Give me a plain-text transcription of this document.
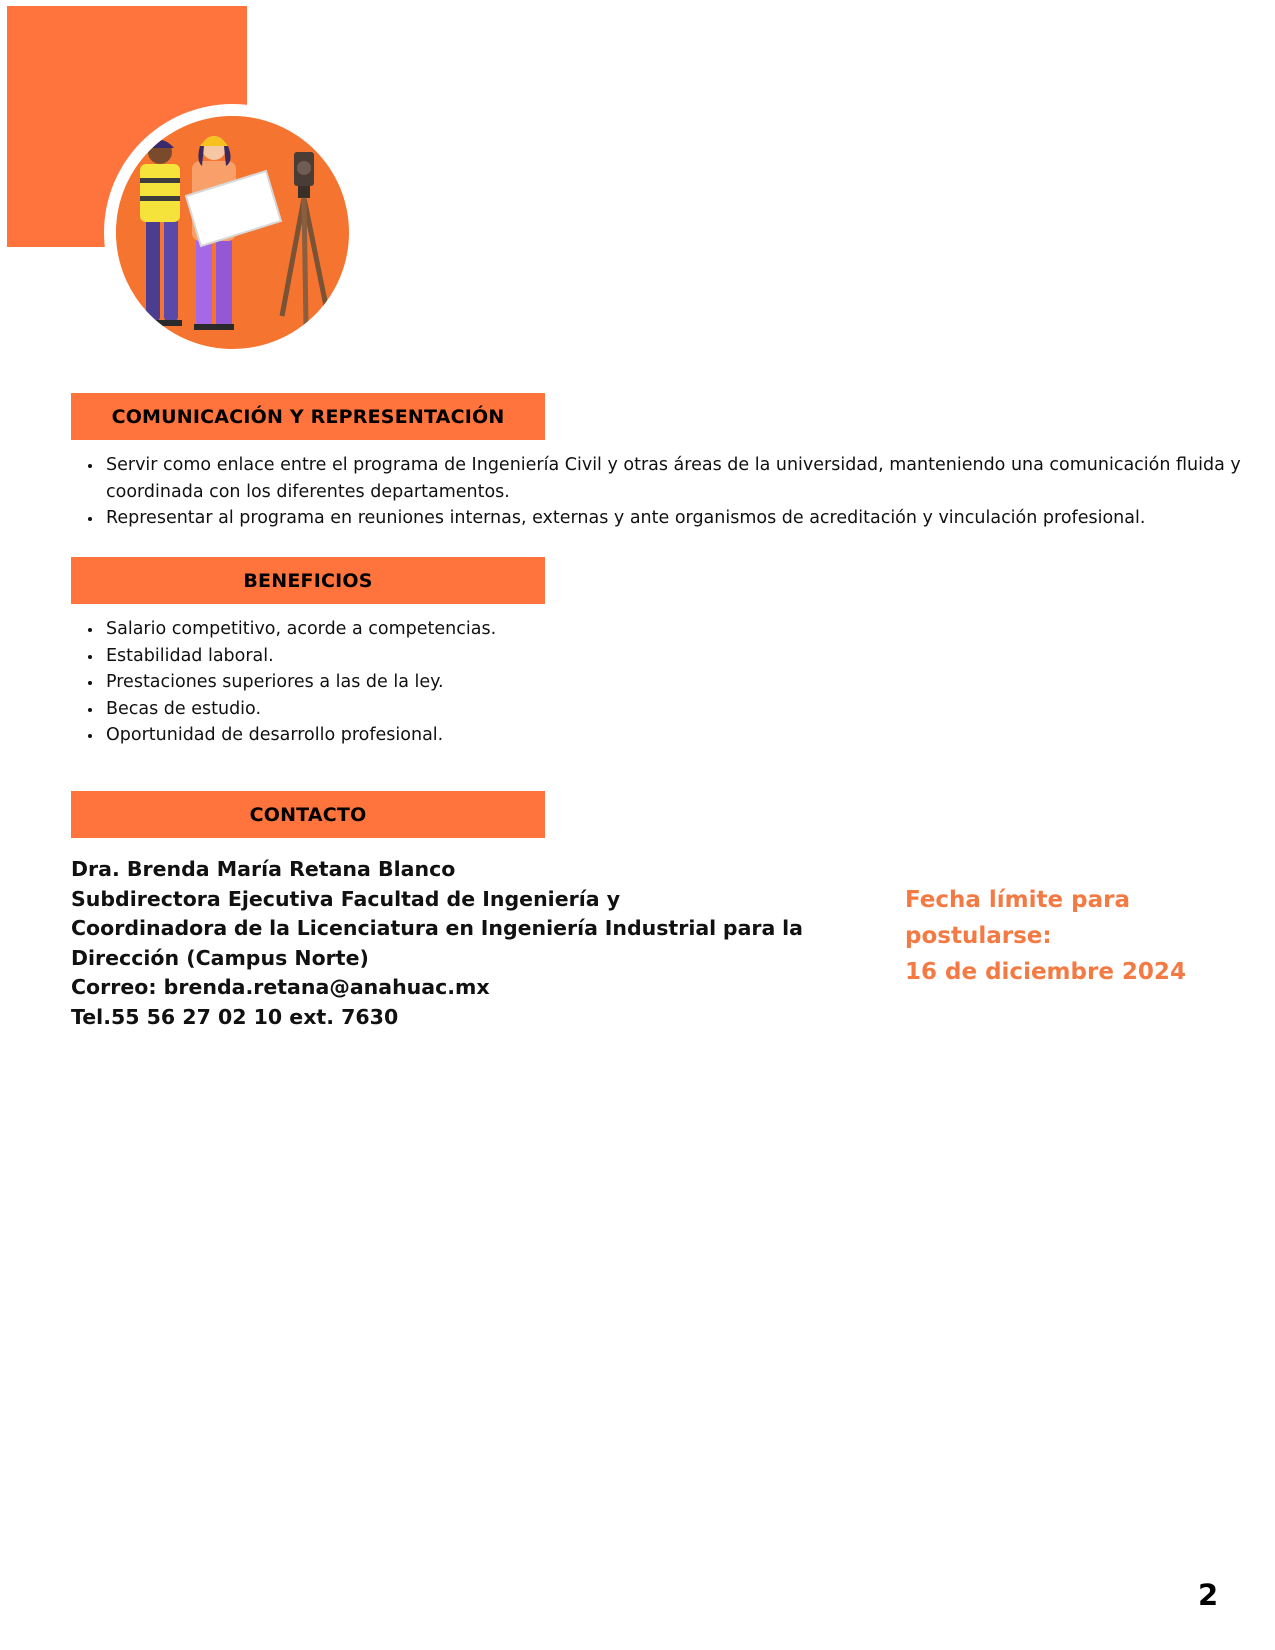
COMUNICACIÓN Y REPRESENTACIÓN
• Servir como enlace entre el programa de Ingeniería Civil y otras áreas de la universidad, manteniendo una comunicación fluida y coordinada con los diferentes departamentos.
• Representar al programa en reuniones internas, externas y ante organismos de acreditación y vinculación profesional.
BENEFICIOS
• Salario competitivo, acorde a competencias.
• Estabilidad laboral.
• Prestaciones superiores a las de la ley.
• Becas de estudio.
• Oportunidad de desarrollo profesional.
CONTACTO
Dra. Brenda María Retana Blanco
Subdirectora Ejecutiva Facultad de Ingeniería y
Coordinadora de la Licenciatura en Ingeniería Industrial para la
Dirección (Campus Norte)
Correo: brenda.retana@anahuac.mx
Tel.55 56 27 02 10 ext. 7630
Fecha límite para
postularse:
16 de diciembre 2024
2
